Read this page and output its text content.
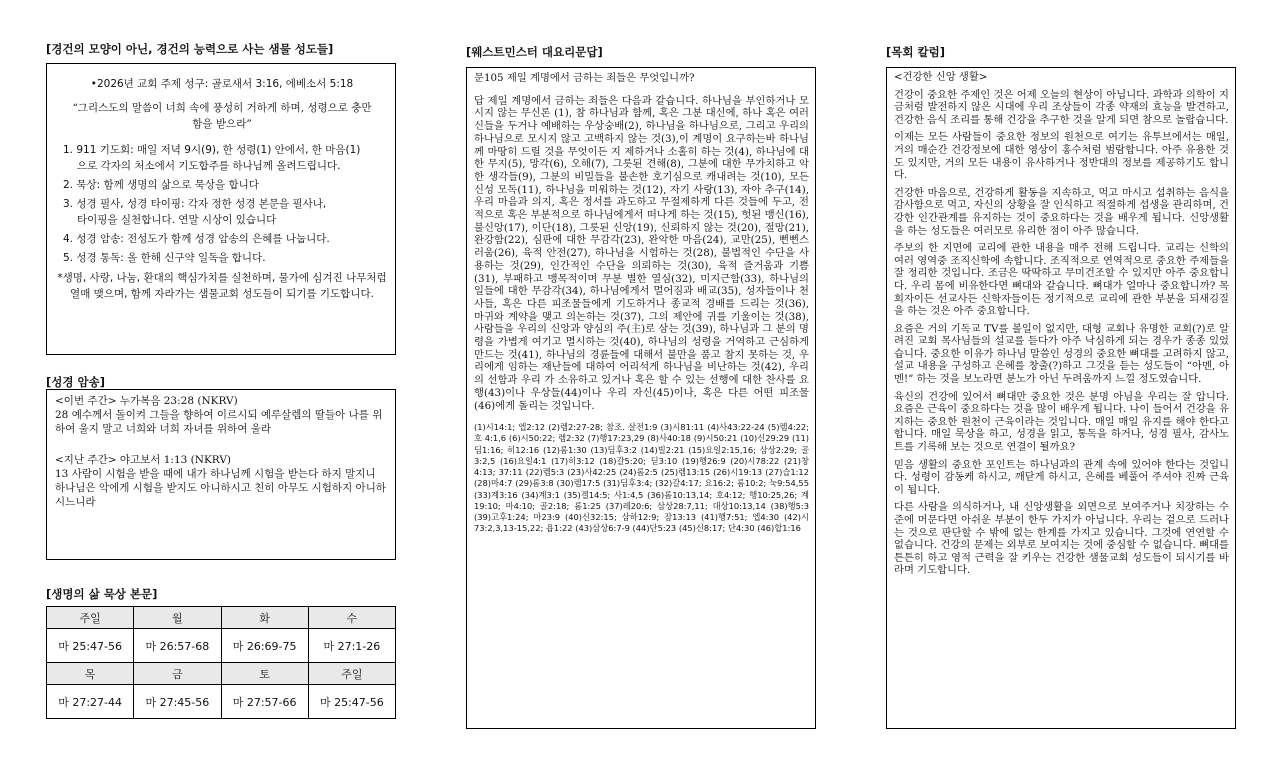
[경건의 모양이 아닌, 경건의 능력으로 사는 샘물 성도들]
•2026년 교회 주제 성구: 골로새서 3:16, 에베소서 5:18
“그리스도의 말씀이 너희 속에 풍성히 거하게 하며, 성령으로 충만함을 받으라”
1. 911 기도회: 매일 저녁 9시(9), 한 성령(1) 안에서, 한 마음(1)
으로 각자의 처소에서 기도합주를 하나님께 올려드립니다.
2. 묵상: 함께 생명의 삶으로 묵상을 합니다
3. 성경 필사, 성경 타이핑: 각자 정한 성경 본문을 필사나,
타이핑을 실천합니다. 연말 시상이 있습니다
4. 성경 암송: 전성도가 함께 성경 암송의 은혜를 나눕니다.
5. 성경 통독: 올 한해 신구약 일독을 합니다.
*생명, 사랑, 나눔, 환대의 핵심가치를 실천하며, 물가에 심겨진 나무처럼 열매 맺으며, 함께 자라가는 샘물교회 성도들이 되기를 기도합니다.
[성경 암송]
<이번 주간> 누가복음 23:28 (NKRV)
28 예수께서 돌이켜 그들을 향하여 이르시되 예루살렘의 딸들아 나를 위하여 울지 말고 너희와 너희 자녀를 위하여 울라
<지난 주간> 야고보서 1:13 (NKRV)
13 사람이 시험을 받을 때에 내가 하나님께 시험을 받는다 하지 말지니 하나님은 악에게 시험을 받지도 아니하시고 친히 아무도 시험하지 아니하시느니라
[생명의 삶 묵상 본문]
주일	월	화	수
마 25:47-56	마 26:57-68	마 26:69-75	마 27:1-26
목	금	토	주일
마 27:27-44	마 27:45-56	마 27:57-66	마 25:47-56
[웨스트민스터 대요리문답]

문105 제일 계명에서 금하는 죄들은 무엇입니까?

답 제일 계명에서 금하는 죄들은 다음과 같습니다. 하나님을 부인하거나 모시지 않는 무신론 (1), 참 하나님과 함께, 혹은 그분 대신에, 하나 혹은 여러 신들을 두거나 예배하는 우상숭배(2), 하나님을 하나님으로, 그리고 우리의 하나님으로 모시지 않고 고백하지 않는 것(3),이 계명이 요구하는바 하나님께 마땅히 드릴 것을 무엇이든 지 제하거나 소홀히 하는 것(4), 하나님에 대한 무지(5), 망각(6), 오해(7), 그릇된 견해(8), 그분에 대한 무가치하고 악한 생각들(9), 그분의 비밀들을 불손한 호기심으로 캐내려는 것(10), 모든 신성 모독(11), 하나님을 미워하는 것(12), 자기 사랑(13), 자아 추구(14), 우리 마음과 의지, 혹은 정서를 과도하고 무절제하게 다른 것들에 두고, 전적으로 혹은 부분적으로 하나님에게서 떠나게 하는 것(15), 헛된 맹신(16), 불신앙(17), 이단(18), 그릇된 신앙(19), 신뢰하지 않는 것(20), 절망(21), 완강함(22), 심판에 대한 무감각(23), 완악한 마음(24), 교만(25), 뻔뻔스러움(26), 육적 안전(27), 하나님을 시험하는 것(28), 불법적인 수단을 사용하는 것(29), 인간적인 수단을 의뢰하는 것(30), 육적 즐거움과 기쁨(31), 부패하고 맹목적이며 무분 별한 열심(32), 미지근함(33), 하나님의 일들에 대한 무감각(34), 하나님에게서 멀어짐과 배교(35), 성자들이나 천사들, 혹은 다른 피조물들에게 기도하거나 종교적 경배를 드리는 것(36), 마귀와 계약을 맺고 의논하는 것(37), 그의 제안에 귀를 기울이는 것(38), 사람들을 우리의 신앙과 양심의 주(主)로 삼는 것(39), 하나님과 그 분의 명령을 가볍게 여기고 멸시하는 것(40), 하나님의 성령을 거역하고 근심하게 만드는 것(41), 하나님의 경륜들에 대해서 불만을 품고 참지 못하는 것, 우리에게 임하는 재난들에 대하여 어리석게 하나님을 비난하는 것(42), 우리의 선함과 우리 가 소유하고 있거나 혹은 할 수 있는 선행에 대한 찬사를 요행(43)이나 우상들(44)이나 우리 자신(45)이나, 혹은 다른 어떤 피조물(46)에게 돌리는 것입니다.

(1)시14:1; 엡2:12 (2)렘2:27-28; 참조. 살전1:9 (3)시81:11 (4)사43:22-24 (5)렘4:22; 호 4:1,6 (6)시50:22; 렘2:32 (7)행17:23,29 (8)사40:18 (9)시50:21 (10)신29:29 (11)딤1:16; 히12:16 (12)롬1:30 (13)딤후3:2 (14)빌2:21 (15)요일2:15,16; 삼상2:29; 골3:2,5 (16)요일4:1 (17)히3:12 (18)갈5:20; 딛3:10 (19)행26:9 (20)시78:22 (21)창4:13; 37:11 (22)렘5:3 (23)사42:25 (24)롬2:5 (25)렘13:15 (26)시19:13 (27)습1:12 (28)마4:7 (29)롬3:8 (30)렘17:5 (31)딤후3:4; (32)갈4:17; 요16:2; 롬10:2; 눅9:54,55 (33)계3:16 (34)계3:1 (35)겔14:5; 사1:4,5 (36)롬10:13,14; 호4:12; 행10:25,26; 계19:10; 마4:10; 골2:18; 롬1:25 (37)레20:6; 삼상28:7,11; 대상10:13,14 (38)행5:3 (39)고후1:24; 마23:9 (40)신32:15; 삼하12:9; 잠13:13 (41)행7:51; 엡4:30 (42)시73:2,3,13-15,22; 욥1:22 (43)삼상6:7-9 (44)단5:23 (45)신8:17; 단4:30 (46)합1:16

[목회 칼럼]

<건강한 신앙 생활>

건강이 중요한 주제인 것은 어제 오늘의 현상이 아닙니다. 과학과 의학이 지금처럼 발전하지 않은 시대에 우리 조상들이 각종 약재의 효능을 발견하고, 건강한 음식 조리를 통해 건강을 추구한 것을 알게 되면 참으로 놀랍습니다.

이제는 모든 사람들이 중요한 정보의 원천으로 여기는 유투브에서는 매일, 거의 매순간 건강정보에 대한 영상이 홍수처럼 범람합니다. 아주 유용한 것도 있지만, 거의 모든 내용이 유사하거나 정반대의 정보를 제공하기도 합니다.

건강한 마음으로, 건강하게 활동을 지속하고, 먹고 마시고 섭취하는 음식을 감사함으로 먹고, 자신의 상황을 잘 인식하고 적절하게 섭생을 관리하며, 건강한 인간관계를 유지하는 것이 중요하다는 것을 배우게 됩니다. 신앙생활을 하는 성도들은 여러모로 유리한 점이 아주 많습니다.

주보의 한 지면에 교리에 관한 내용을 매주 전해 드립니다. 교리는 신학의 여러 영역중 조직신학에 속합니다. 조직적으로 연역적으로 중요한 주제들을 잘 정리한 것입니다. 조금은 딱딱하고 무미건조할 수 있지만 아주 중요합니다. 우리 몸에 비유한다면 뼈대와 같습니다. 뼈대가 얼마나 중요합니까? 목회자이든 선교사든 신학자들이든 정기적으로 교리에 관한 부분을 되새김질을 하는 것은 아주 중요합니다.

요즘은 거의 기독교 TV를 볼일이 없지만, 대형 교회나 유명한 교회(?)로 알려진 교회 목사님들의 설교를 듣다가 아주 낙심하게 되는 경우가 종종 있었습니다. 중요한 이유가 하나님 말씀인 성경의 중요한 뼈대를 고려하지 않고, 설교 내용을 구성하고 은혜를 창출(?)하고 그것을 듣는 성도들이 “아멘, 아멘!” 하는 것을 보노라면 분노가 아닌 두려움까지 느낄 정도였습니다.

육신의 건강에 있어서 뼈대만 중요한 것은 분명 아님을 우리는 잘 압니다. 요즘은 근육이 중요하다는 것을 많이 배우게 됩니다. 나이 들어서 건강을 유지하는 중요한 원천이 근육이라는 것입니다. 매일 매일 유지를 해야 한다고 합니다. 매일 묵상을 하고, 성경을 읽고, 통독을 하거나, 성경 필사, 감사노트를 기록해 보는 것으로 연결이 될까요?

믿음 생활의 중요한 포인트는 하나님과의 관계 속에 있어야 한다는 것입니다. 성령이 감동케 하시고, 깨닫게 하시고, 은혜를 베풀어 주셔야 진짜 근육이 됩니다.

다른 사람을 의식하거나, 내 신앙생활을 외면으로 보여주거나 치장하는 수준에 머문다면 아쉬운 부분이 한두 가지가 아닙니다. 우리는 겉으로 드러나는 것으로 판단할 수 밖에 없는 한계를 가지고 있습니다. 그것에 연연할 수 없습니다. 건강의 문제는 외부로 보여지는 것에 중심할 수 없습니다. 뼈대를 튼튼히 하고 영적 근력을 잘 키우는 건강한 샘물교회 성도들이 되시기를 바라며 기도합니다.
